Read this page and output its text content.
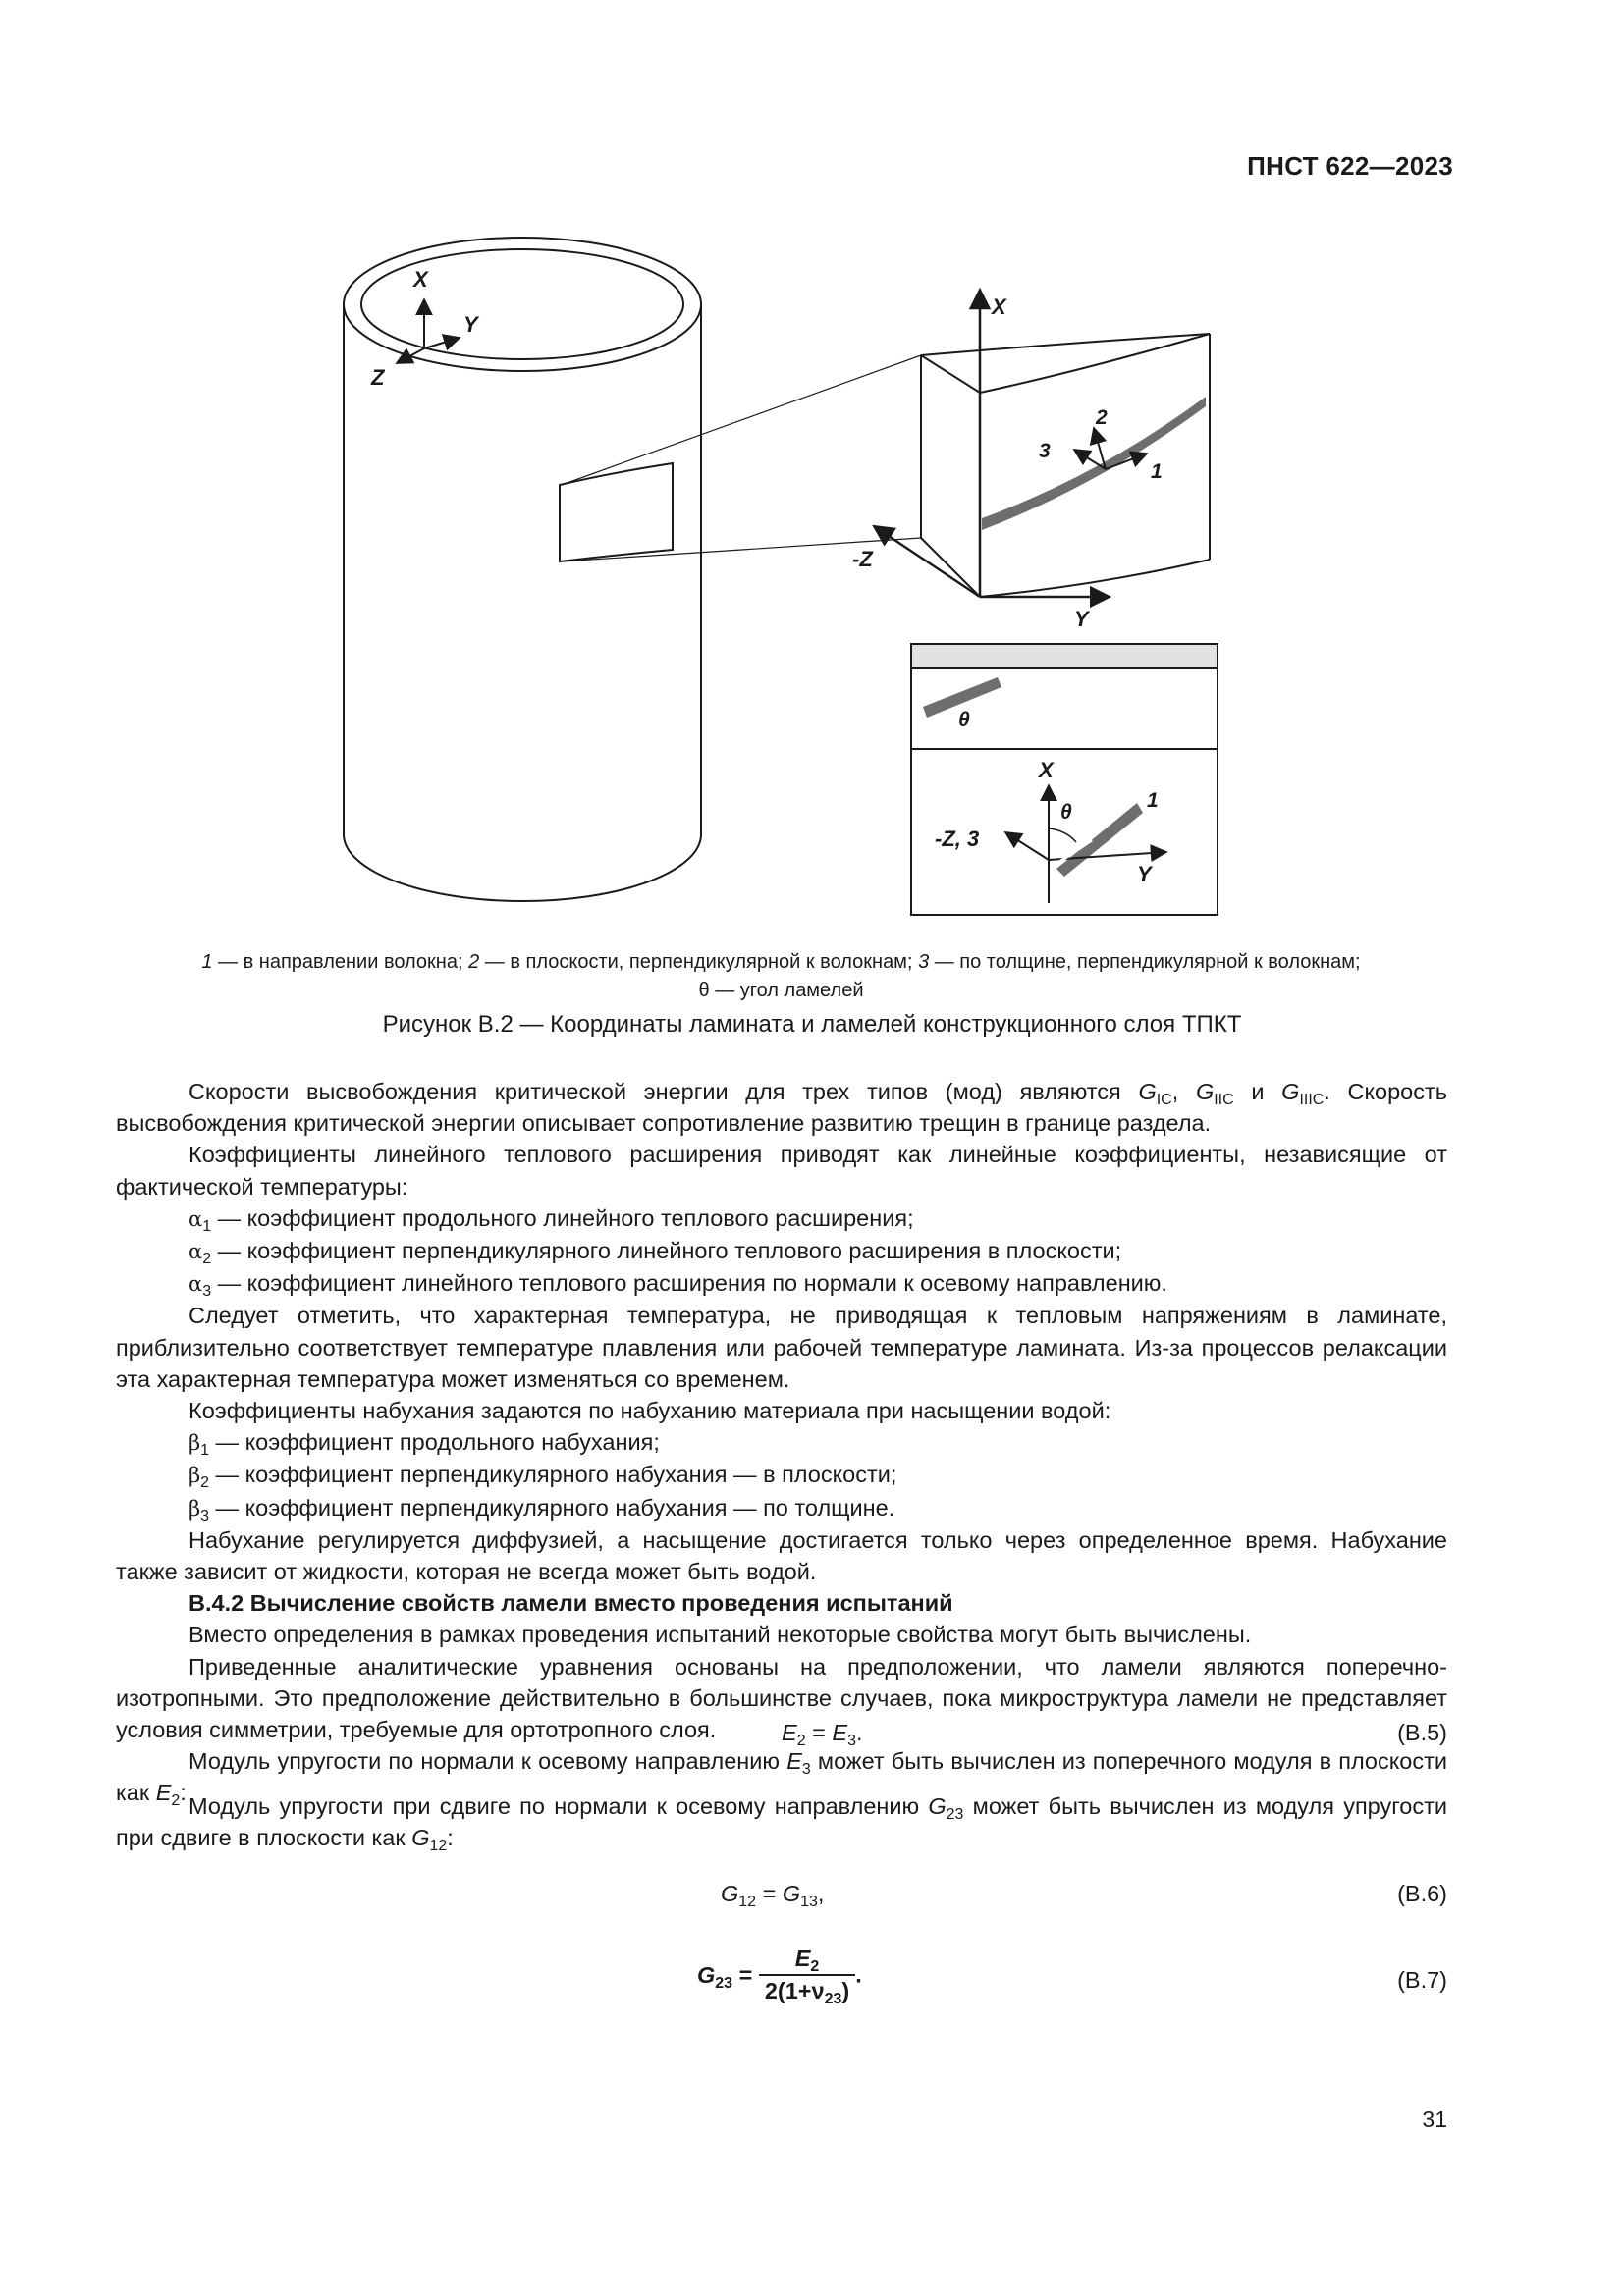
ПНСТ 622—2023
X
Y
Z
X
Y
-Z
1
2
3
θ
X
Y
-Z, 3
θ
1
1 — в направлении волокна; 2 — в плоскости, перпендикулярной к волокнам; 3 — по толщине, перпендикулярной к волокнам;
θ — угол ламелей
Рисунок В.2 — Координаты ламината и ламелей конструкционного слоя ТПКТ

Скорости высвобождения критической энергии для трех типов (мод) являются $G_{IC}$, $G_{IIC}$ и $G_{IIIC}$. Скорость высвобождения критической энергии описывает сопротивление развитию трещин в границе раздела.

Коэффициенты линейного теплового расширения приводят как линейные коэффициенты, независящие от фактической температуры:

$\alpha_1$ — коэффициент продольного линейного теплового расширения;

$\alpha_2$ — коэффициент перпендикулярного линейного теплового расширения в плоскости;

$\alpha_3$ — коэффициент линейного теплового расширения по нормали к осевому направлению.

Следует отметить, что характерная температура, не приводящая к тепловым напряжениям в ламинате, приблизительно соответствует температуре плавления или рабочей температуре ламината. Из-за процессов релаксации эта характерная температура может изменяться со временем.

Коэффициенты набухания задаются по набуханию материала при насыщении водой:

$\beta_1$ — коэффициент продольного набухания;

$\beta_2$ — коэффициент перпендикулярного набухания — в плоскости;

$\beta_3$ — коэффициент перпендикулярного набухания — по толщине.

Набухание регулируется диффузией, а насыщение достигается только через определенное время. Набухание также зависит от жидкости, которая не всегда может быть водой.

В.4.2 Вычисление свойств ламели вместо проведения испытаний

Вместо определения в рамках проведения испытаний некоторые свойства могут быть вычислены.

Приведенные аналитические уравнения основаны на предположении, что ламели являются поперечно-изотропными. Это предположение действительно в большинстве случаев, пока микроструктура ламели не представляет условия симметрии, требуемые для ортотропного слоя.

Модуль упругости по нормали к осевому направлению $E_3$ может быть вычислен из поперечного модуля в плоскости как $E_2$:

$E_2 = E_3$.	(B.5)

Модуль упругости при сдвиге по нормали к осевому направлению $G_{23}$ может быть вычислен из модуля упругости при сдвиге в плоскости как $G_{12}$:

$G_{12} = G_{13}$,	(B.6)
$G_{23} = \frac{E_2}{2(1+\nu_{23})}$ .	(B.7)
31
